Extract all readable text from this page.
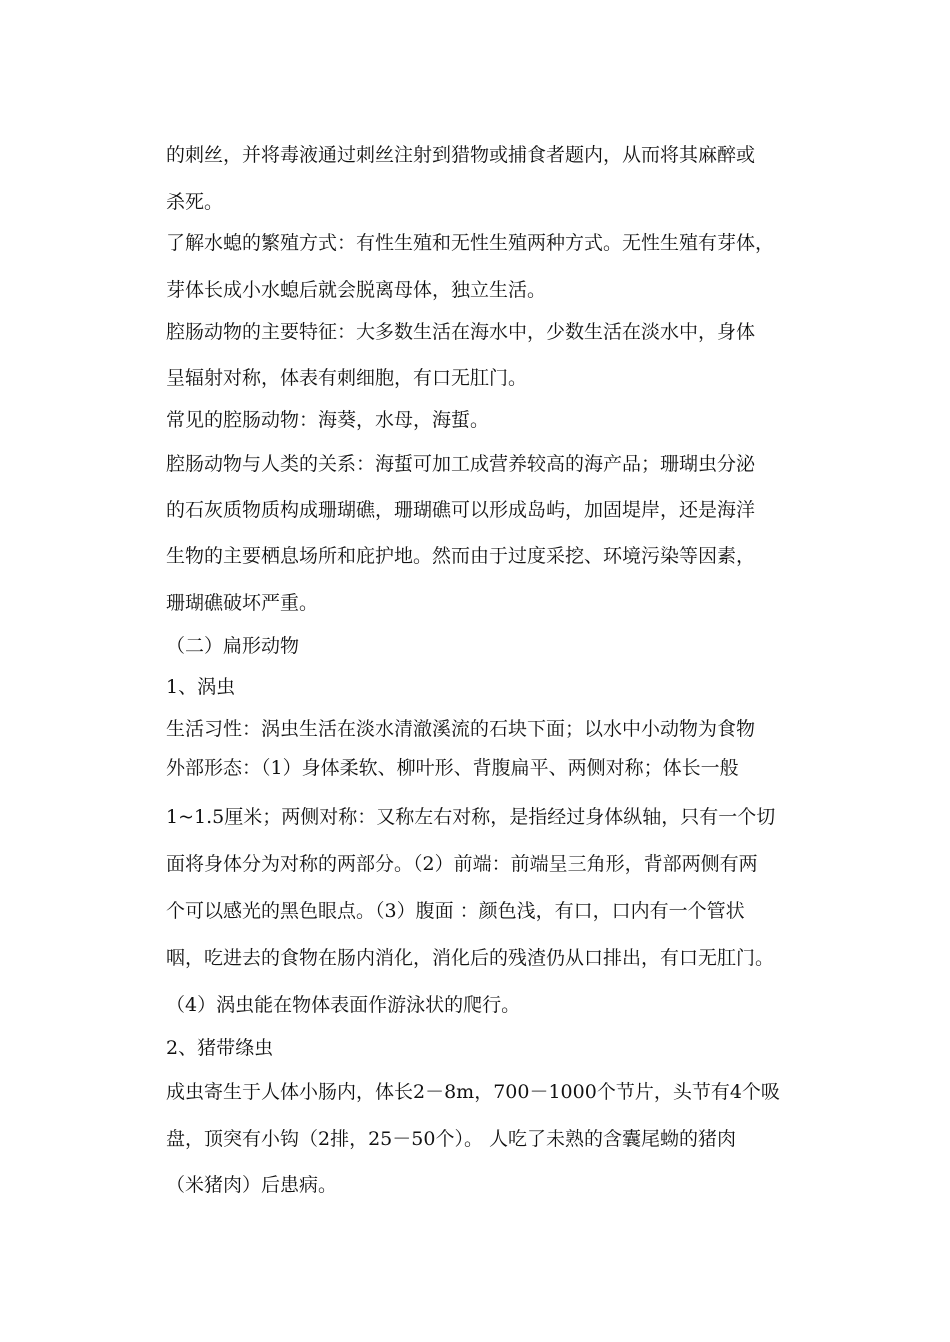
的刺丝，并将毒液通过刺丝注射到猎物或捕食者题内，从而将其麻醉或
杀死。
了解水螅的繁殖方式：有性生殖和无性生殖两种方式。无性生殖有芽体，
芽体长成小水螅后就会脱离母体，独立生活。
腔肠动物的主要特征：大多数生活在海水中，少数生活在淡水中，身体
呈辐射对称，体表有刺细胞，有口无肛门。
常见的腔肠动物：海葵，水母，海蜇。
腔肠动物与人类的关系：海蜇可加工成营养较高的海产品；珊瑚虫分泌
的石灰质物质构成珊瑚礁，珊瑚礁可以形成岛屿，加固堤岸，还是海洋
生物的主要栖息场所和庇护地。然而由于过度采挖、环境污染等因素，
珊瑚礁破坏严重。
（二）扁形动物
1、涡虫
生活习性：涡虫生活在淡水清澈溪流的石块下面；以水中小动物为食物
外部形态：（1）身体柔软、柳叶形、背腹扁平、两侧对称；体长一般
1~1.5厘米；两侧对称：又称左右对称，是指经过身体纵轴，只有一个切
面将身体分为对称的两部分。（2）前端：前端呈三角形，背部两侧有两
个可以感光的黑色眼点。（3）腹面 ：颜色浅，有口，口内有一个管状
咽，吃进去的食物在肠内消化，消化后的残渣仍从口排出，有口无肛门。
（4）涡虫能在物体表面作游泳状的爬行。
2、猪带绦虫
成虫寄生于人体小肠内，体长2－8m，700－1000个节片，头节有4个吸
盘，顶突有小钩（2排，25－50个）。 人吃了未熟的含囊尾蚴的猪肉
（米猪肉）后患病。
